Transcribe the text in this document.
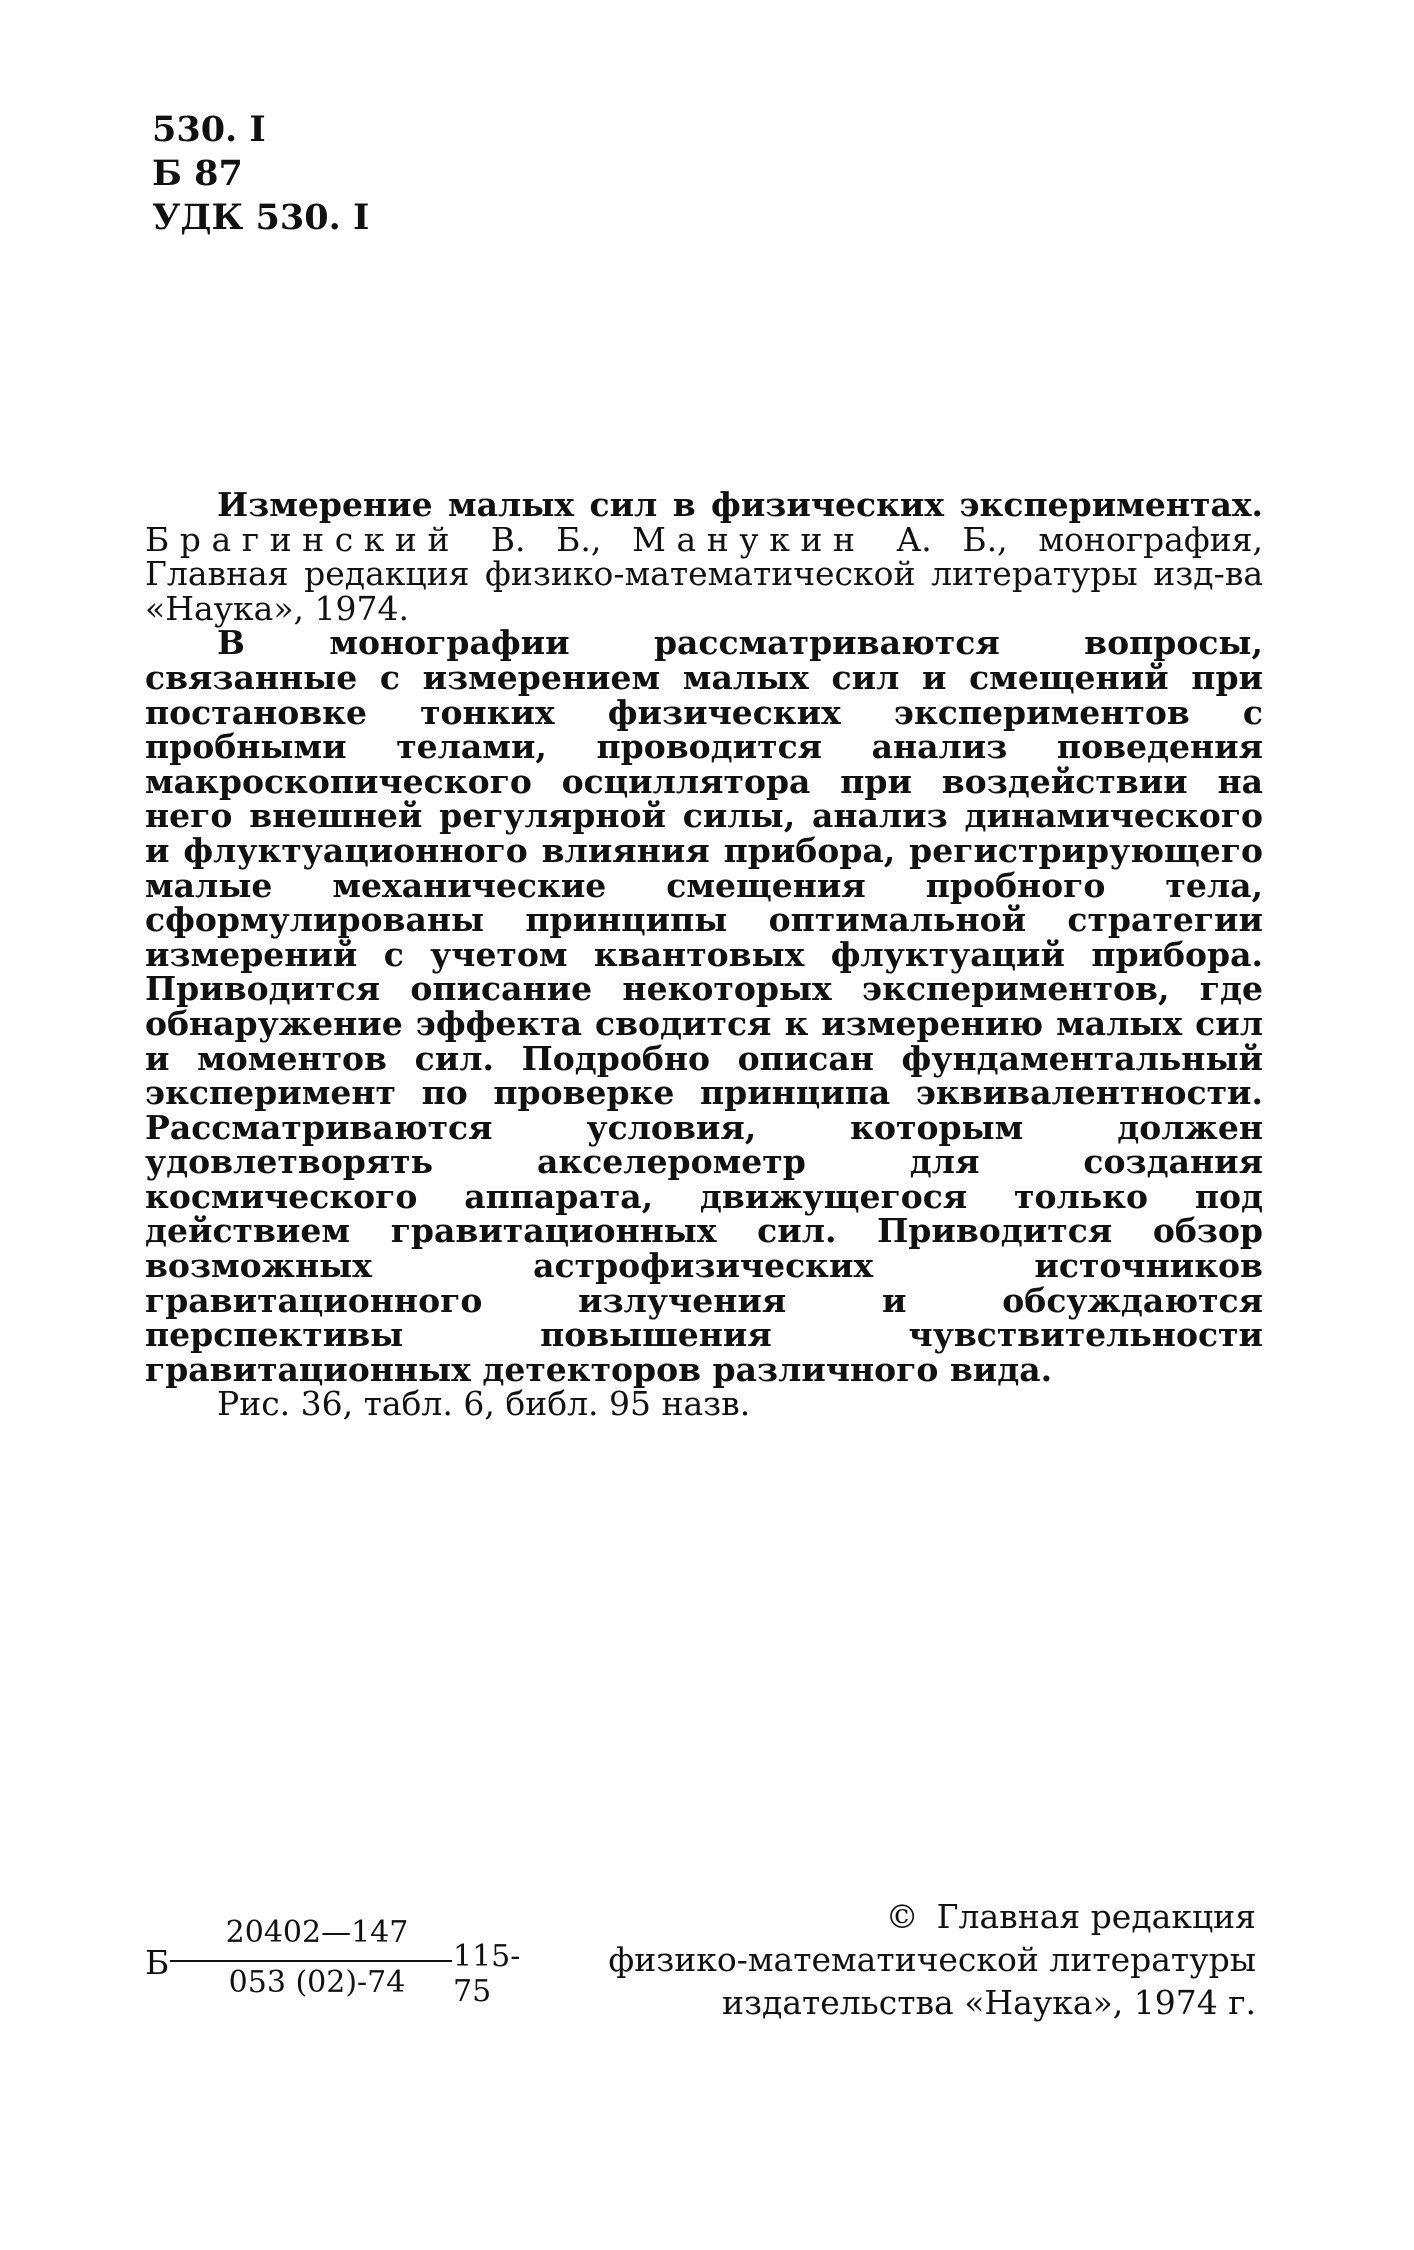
530. I
Б 87
УДК 530. I

Измерение малых сил в физических экспериментах. Брагинский В. Б., Манукин А. Б., монография, Главная редакция физико-математической литературы изд-ва «Наука», 1974.

В монографии рассматриваются вопросы, связанные с измерением малых сил и смещений при постановке тонких физических экспериментов с пробными телами, проводится анализ поведения макроскопического осциллятора при воздействии на него внешней регулярной силы, анализ динамического и флуктуационного влияния прибора, регистрирующего малые механические смещения пробного тела, сформулированы принципы оптимальной стратегии измерений с учетом квантовых флуктуаций прибора. Приводится описание некоторых экспериментов, где обнаружение эффекта сводится к измерению малых сил и моментов сил. Подробно описан фундаментальный эксперимент по проверке принципа эквивалентности. Рассматриваются условия, которым должен удовлетворять акселерометр для создания космического аппарата, движущегося только под действием гравитационных сил. Приводится обзор возможных астрофизических источников гравитационного излучения и обсуждаются перспективы повышения чувствительности гравитационных детекторов различного вида.

Рис. 36, табл. 6, библ. 95 назв.

Б
20402—147
053 (02)-74
115-75
© Главная редакция
физико-математической литературы
издательства «Наука», 1974 г.
